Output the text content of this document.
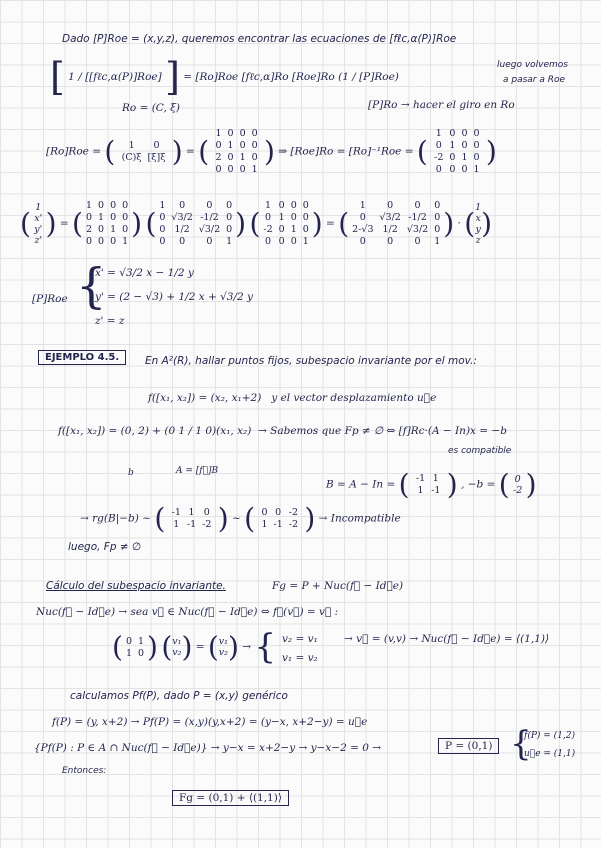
Dado [P]Roe = (x,y,z), queremos encontrar las ecuaciones de [fℓc,α(P)]Roe
[ 1 / [[fℓc,α(P)]Roe] ] = [Ro]Roe [fℓc,α]Ro [Roe]Ro (1 / [P]Roe)
luego volvemos
a pasar a Roe
Ro = (C, ξ)	[P]Ro → hacer el giro en Ro
[Ro]Roe = (	1	0
(C)ξ [ξ]ξ ) = (
1 0 0 0
0 1 0 0
2 0 1 0
0 0 0 1
) ⇒ [Roe]Ro = [Ro]⁻¹Roe = (
1 0 0 0
0 1 0 0
-2 0 1 0
0 0 0 1
)
( 1
x'
y'
z' ) = (
1 0 0 0
0 1 0 0
2 0 1 0
0 0 0 1
) (
1	0	0	0
0 √3/2 -1/2 0
0 1/2 √3/2 0
0	0	0	1
) (
1 0 0 0
0 1 0 0
-2 0 1 0
0 0 0 1
) = (
1	0	0	0
0	√3/2 -1/2 0
2-√3 1/2 √3/2 0
0	0	0	1
) · ( 1
x
y
z )
[P]Roe {
x' = √3/2 x − 1/2 y
y' = (2 − √3) + 1/2 x + √3/2 y
z' = z
EJEMPLO 4.5.	En A²(R), hallar puntos fijos, subespacio invariante por el mov.:
f([x₁, x₂]) = (x₂, x₁+2) y el vector desplazamiento u⃗e
f([x₁, x₂]) = (0, 2) + (0 1 / 1 0)(x₁, x₂) → Sabemos que Fp ≠ ∅ ⇔ [f]Rc·(A − In)x = −b
es compatible
b	A = [f⃗]B
B = A − In = ( -1 1
1 -1 ) , −b = ( 0
-2 )
→ rg(B|−b) ~ ( -1 1 0
1 -1 -2 ) ~ ( 0 0 -2
1 -1 -2 ) → Incompatible
luego, Fp ≠ ∅
Cálculo del subespacio invariante.	Fg = P + Nuc(f⃗ − Id⃗e)
Nuc(f⃗ − Id⃗e) → sea v⃗ ∈ Nuc(f⃗ − Id⃗e) ⇔ f⃗(v⃗) = v⃗ :
( 0 1
1 0 ) ( v₁
v₂ ) = ( v₁
v₂ ) → { v₂ = v₁
v₁ = v₂
→ v⃗ = (v,v) → Nuc(f⃗ − Id⃗e) = ⟨(1,1)⟩
calculamos Pf(P), dado P = (x,y) genérico
f(P) = (y, x+2) → Pf(P) = (x,y)(y,x+2) = (y−x, x+2−y) = u⃗e
{Pf(P) : P ∈ A ∩ Nuc(f⃗ − Id⃗e)} → y−x = x+2−y → y−x−2 = 0 →	P = (0,1) {
f(P) = (1,2)
u⃗e = (1,1)
Entonces:
Fg = (0,1) + ⟨(1,1)⟩
